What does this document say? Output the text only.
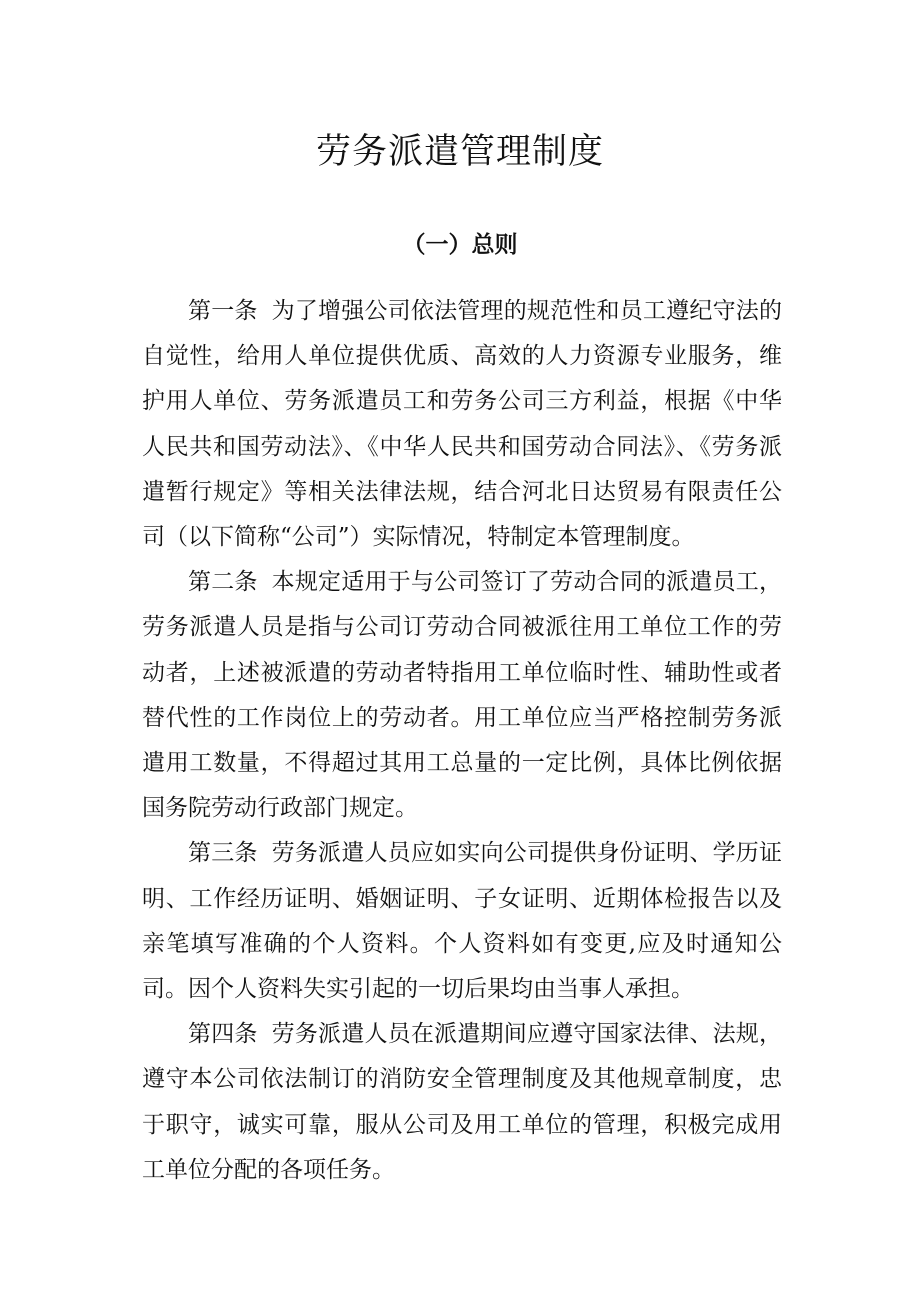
劳务派遣管理制度
（一）总则

第一条 为了增强公司依法管理的规范性和员工遵纪守法的自觉性，给用人单位提供优质、高效的人力资源专业服务，维护用人单位、劳务派遣员工和劳务公司三方利益，根据《中华人民共和国劳动法》、《中华人民共和国劳动合同法》、《劳务派遣暂行规定》等相关法律法规，结合河北日达贸易有限责任公司（以下简称“公司”）实际情况，特制定本管理制度。

第二条 本规定适用于与公司签订了劳动合同的派遣员工，劳务派遣人员是指与公司订劳动合同被派往用工单位工作的劳动者，上述被派遣的劳动者特指用工单位临时性、辅助性或者替代性的工作岗位上的劳动者。用工单位应当严格控制劳务派遣用工数量，不得超过其用工总量的一定比例，具体比例依据国务院劳动行政部门规定。

第三条 劳务派遣人员应如实向公司提供身份证明、学历证明、工作经历证明、婚姻证明、子女证明、近期体检报告以及亲笔填写准确的个人资料。个人资料如有变更,应及时通知公司。因个人资料失实引起的一切后果均由当事人承担。

第四条 劳务派遣人员在派遣期间应遵守国家法律、法规，遵守本公司依法制订的消防安全管理制度及其他规章制度，忠于职守，诚实可靠，服从公司及用工单位的管理，积极完成用工单位分配的各项任务。
